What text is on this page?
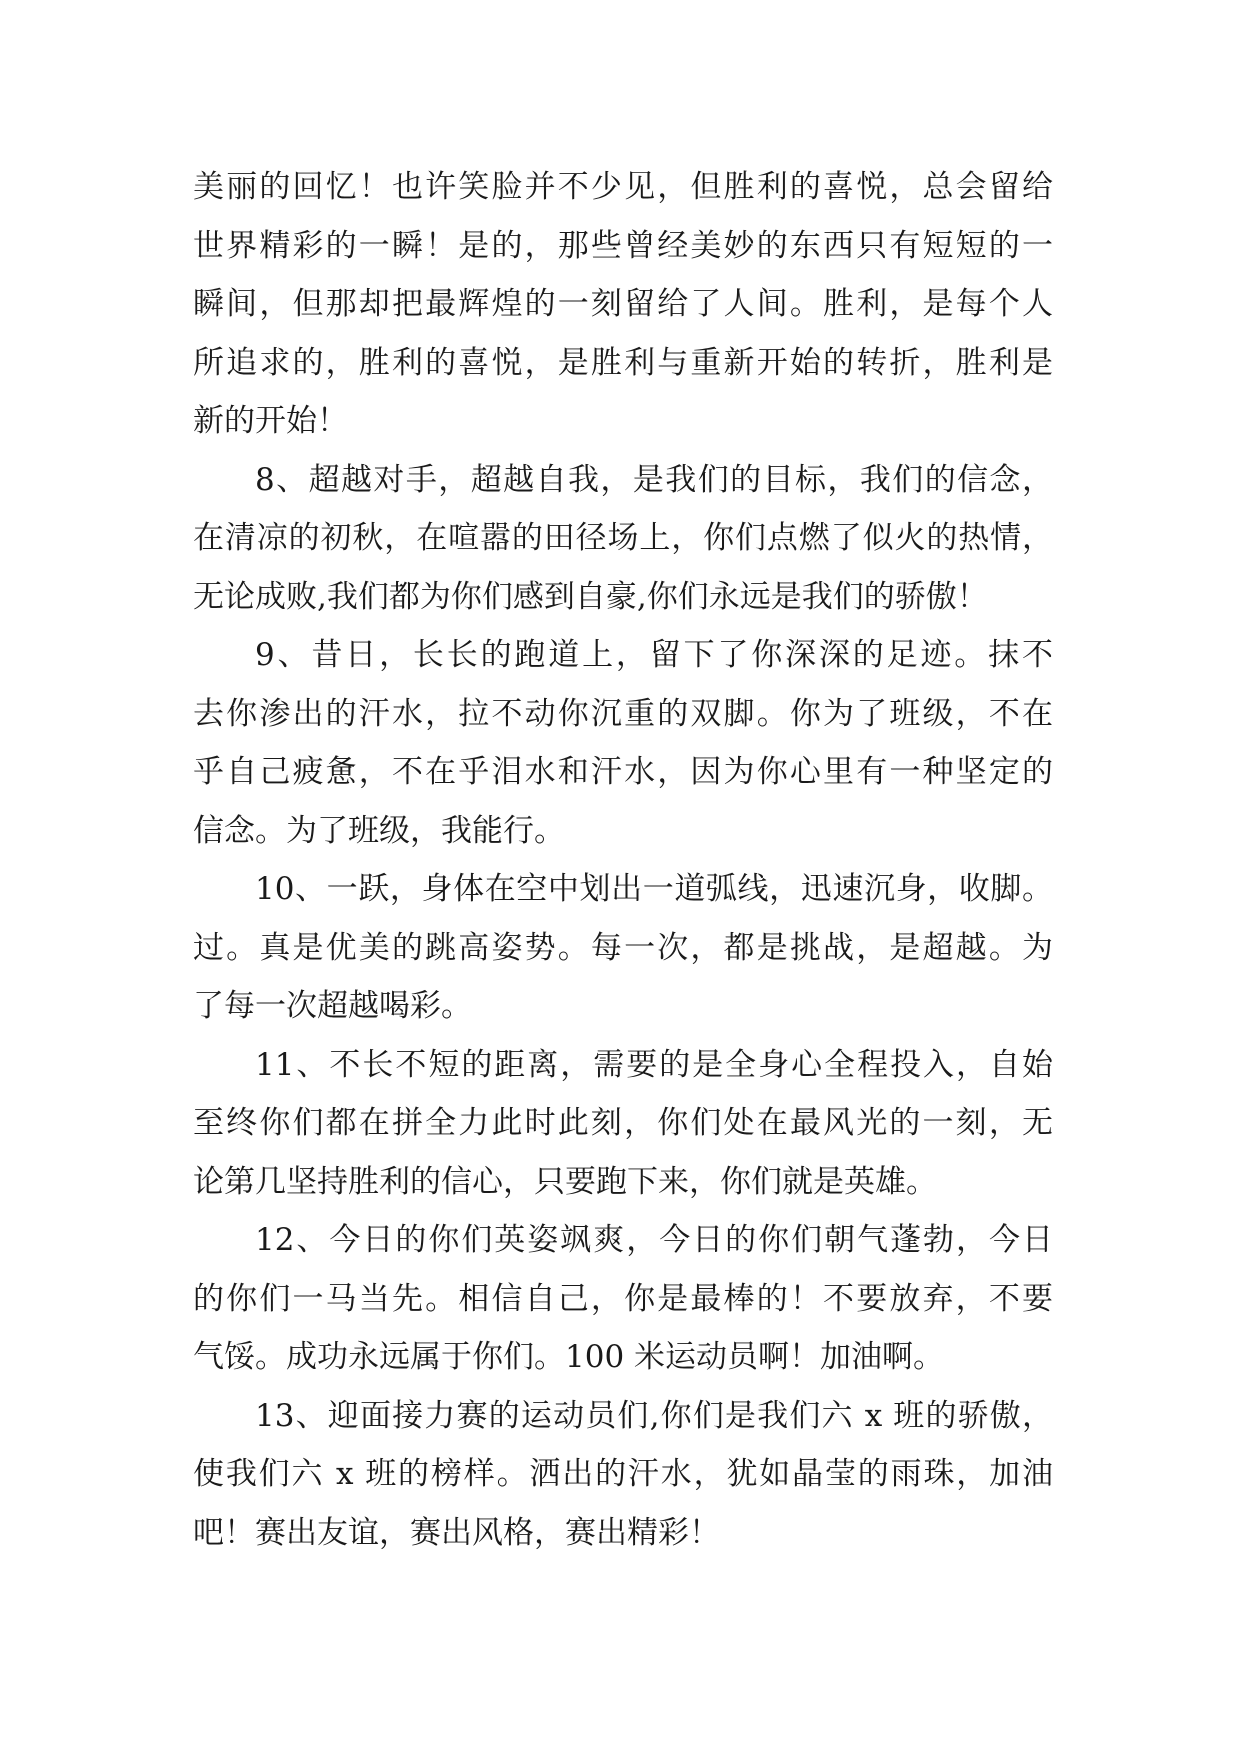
美丽的回忆！也许笑脸并不少见，但胜利的喜悦，总会留给
世界精彩的一瞬！是的，那些曾经美妙的东西只有短短的一
瞬间，但那却把最辉煌的一刻留给了人间。胜利，是每个人
所追求的，胜利的喜悦，是胜利与重新开始的转折，胜利是
新的开始！
8、超越对手，超越自我，是我们的目标，我们的信念，
在清凉的初秋，在喧嚣的田径场上，你们点燃了似火的热情，
无论成败,我们都为你们感到自豪,你们永远是我们的骄傲！
9、昔日，长长的跑道上，留下了你深深的足迹。抹不
去你渗出的汗水，拉不动你沉重的双脚。你为了班级，不在
乎自己疲惫，不在乎泪水和汗水，因为你心里有一种坚定的
信念。为了班级，我能行。
10、一跃，身体在空中划出一道弧线，迅速沉身，收脚。
过。真是优美的跳高姿势。每一次，都是挑战，是超越。为
了每一次超越喝彩。
11、不长不短的距离，需要的是全身心全程投入，自始
至终你们都在拼全力此时此刻，你们处在最风光的一刻，无
论第几坚持胜利的信心，只要跑下来，你们就是英雄。
12、今日的你们英姿飒爽，今日的你们朝气蓬勃，今日
的你们一马当先。相信自己，你是最棒的！不要放弃，不要
气馁。成功永远属于你们。100 米运动员啊！加油啊。
13、迎面接力赛的运动员们,你们是我们六 x 班的骄傲，
使我们六 x 班的榜样。洒出的汗水，犹如晶莹的雨珠，加油
吧！赛出友谊，赛出风格，赛出精彩！
